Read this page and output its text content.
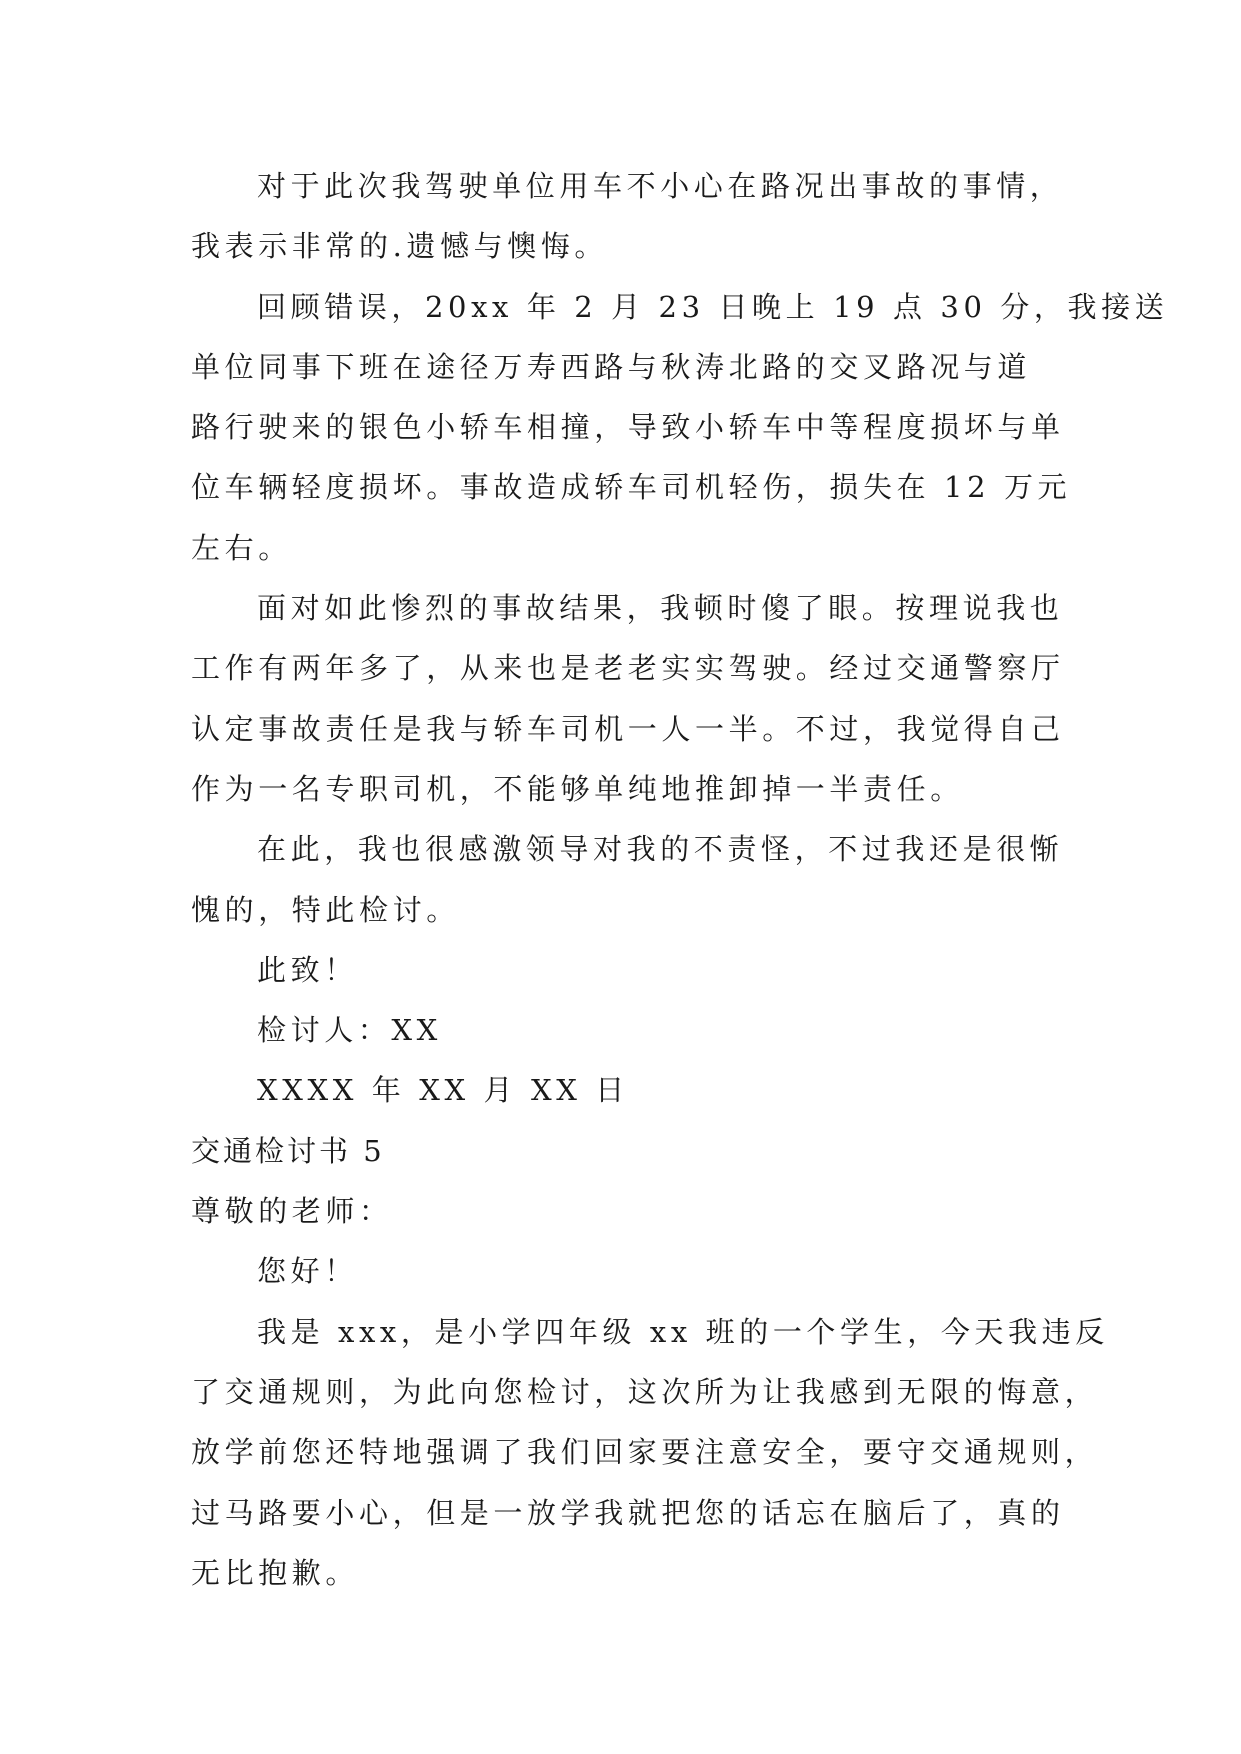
对于此次我驾驶单位用车不小心在路况出事故的事情，
我表示非常的.遗憾与懊悔。
回顾错误，20xx 年 2 月 23 日晚上 19 点 30 分，我接送
单位同事下班在途径万寿西路与秋涛北路的交叉路况与道
路行驶来的银色小轿车相撞，导致小轿车中等程度损坏与单
位车辆轻度损坏。事故造成轿车司机轻伤，损失在 12 万元
左右。
面对如此惨烈的事故结果，我顿时傻了眼。按理说我也
工作有两年多了，从来也是老老实实驾驶。经过交通警察厅
认定事故责任是我与轿车司机一人一半。不过，我觉得自己
作为一名专职司机，不能够单纯地推卸掉一半责任。
在此，我也很感激领导对我的不责怪，不过我还是很惭
愧的，特此检讨。
此致！
检讨人：XX
XXXX 年 XX 月 XX 日
交通检讨书 5
尊敬的老师：
您好！
我是 xxx，是小学四年级 xx 班的一个学生，今天我违反
了交通规则，为此向您检讨，这次所为让我感到无限的悔意，
放学前您还特地强调了我们回家要注意安全，要守交通规则，
过马路要小心，但是一放学我就把您的话忘在脑后了，真的
无比抱歉。
